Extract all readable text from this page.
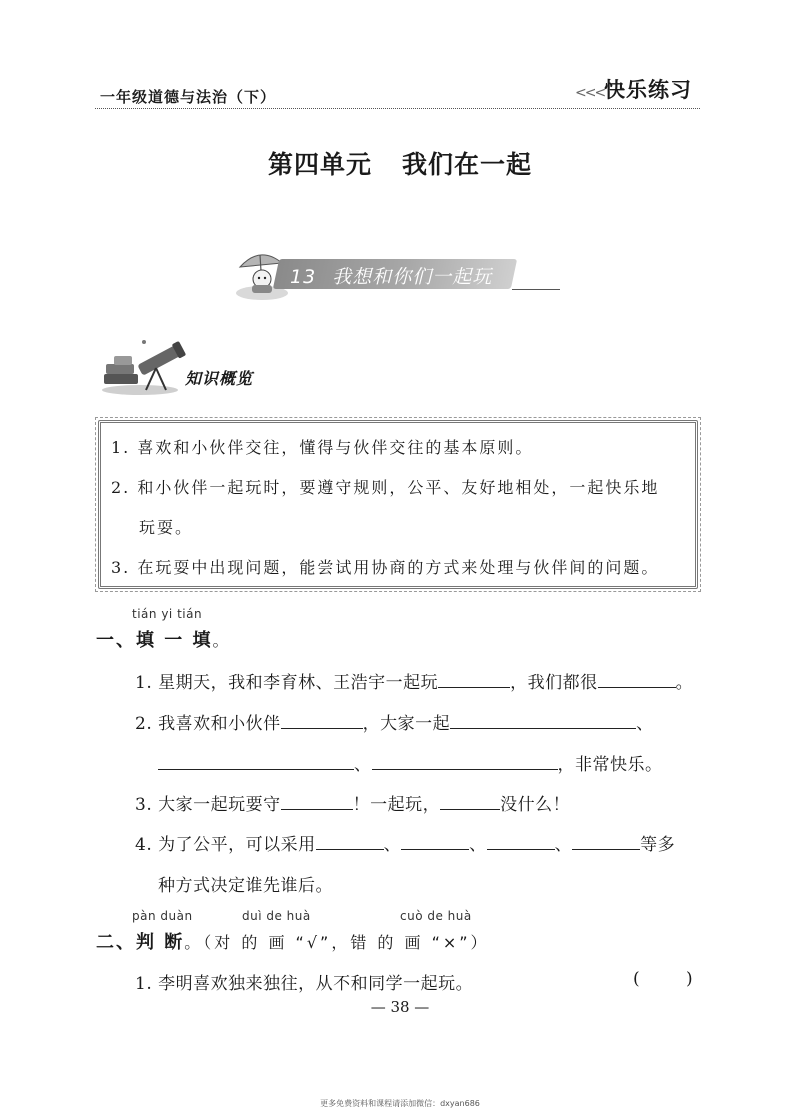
一年级道德与法治（下）	<<< 快乐练习
第四单元 我们在一起
13 我想和你们一起玩
知识概览
1. 喜欢和小伙伴交往，懂得与伙伴交往的基本原则。
2. 和小伙伴一起玩时，要遵守规则，公平、友好地相处，一起快乐地
玩耍。
3. 在玩耍中出现问题，能尝试用协商的方式来处理与伙伴间的问题。
tián yi tián
一、填 一 填。
1. 星期天，我和李育林、王浩宇一起玩	，我们都很	。
2. 我喜欢和小伙伴	，大家一起	、
、	，非常快乐。
3. 大家一起玩要守	！一起玩，	没什么！
4. 为了公平，可以采用	、	、	、	等多
种方式决定谁先谁后。
pàn duàn	duì de huà	cuò de huà
二、判 断。（对 的 画 “√”，错 的 画 “×”）
1. 李明喜欢独来独往，从不和同学一起玩。	(	)
— 38 —
更多免费资料和课程请添加微信：dxyan686
